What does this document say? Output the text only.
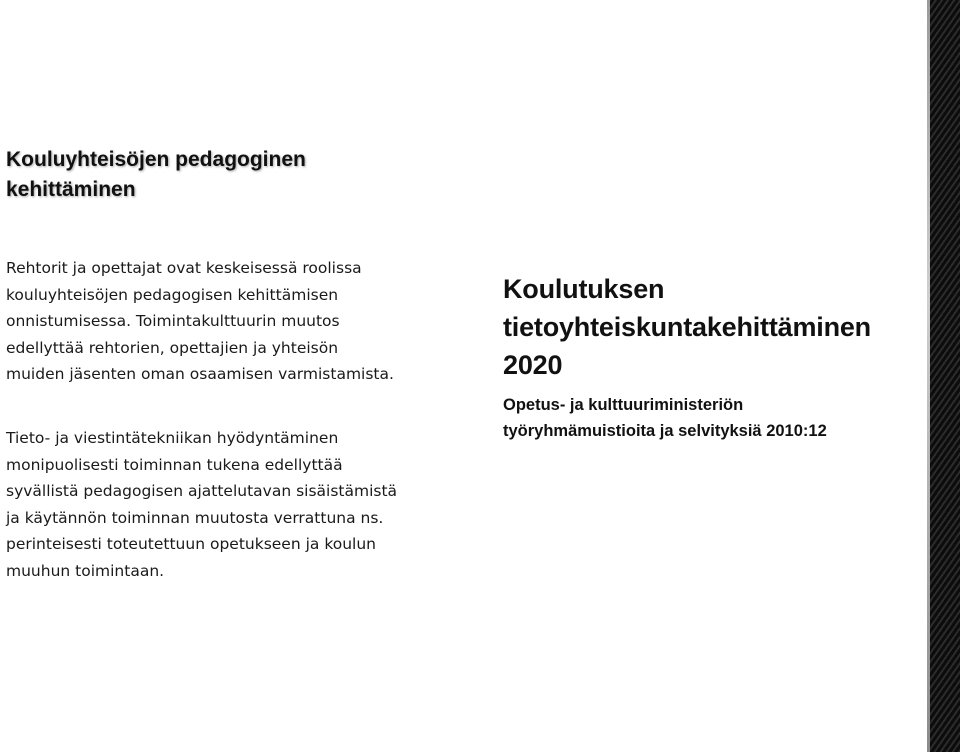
Kouluyhteisöjen pedagoginen
kehittäminen

Rehtorit ja opettajat ovat keskeisessä roolissa
kouluyhteisöjen pedagogisen kehittämisen
onnistumisessa. Toimintakulttuurin muutos
edellyttää rehtorien, opettajien ja yhteisön
muiden jäsenten oman osaamisen varmistamista.

Tieto- ja viestintätekniikan hyödyntäminen
monipuolisesti toiminnan tukena edellyttää
syvällistä pedagogisen ajattelutavan sisäistämistä
ja käytännön toiminnan muutosta verrattuna ns.
perinteisesti toteutettuun opetukseen ja koulun
muuhun toimintaan.

Koulutuksen
tietoyhteiskuntakehittäminen
2020

Opetus- ja kulttuuriministeriön
työryhmämuistioita ja selvityksiä 2010:12
